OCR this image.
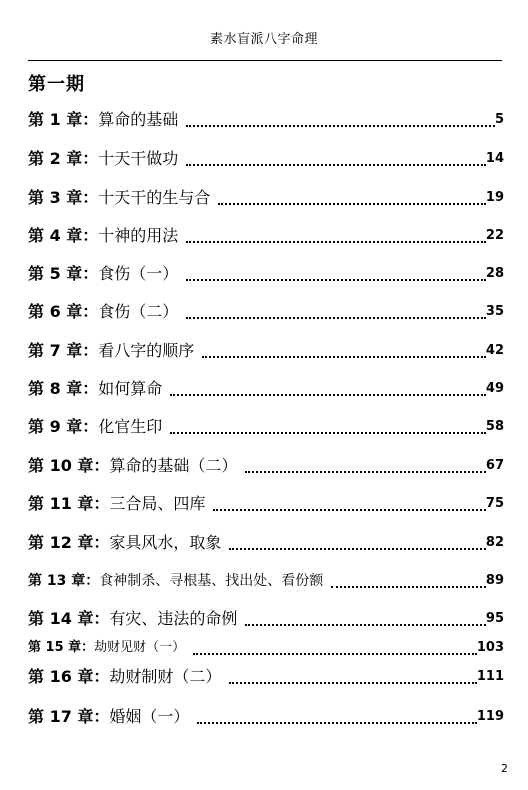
素水盲派八字命理
第一期
第 1 章：算命的基础	5
第 2 章：十天干做功	14
第 3 章：十天干的生与合	19
第 4 章：十神的用法	22
第 5 章：食伤（一）	28
第 6 章：食伤（二）	35
第 7 章：看八字的顺序	42
第 8 章：如何算命	49
第 9 章：化官生印	58
第 10 章：算命的基础（二）	67
第 11 章：三合局、四库	75
第 12 章：家具风水，取象	82
第 13 章：食神制杀、寻根基、找出处、看份额	89
第 14 章：有灾、违法的命例	95
第 15 章：劫财见财（一）	103
第 16 章：劫财制财（二）	111
第 17 章：婚姻（一）	119
2
